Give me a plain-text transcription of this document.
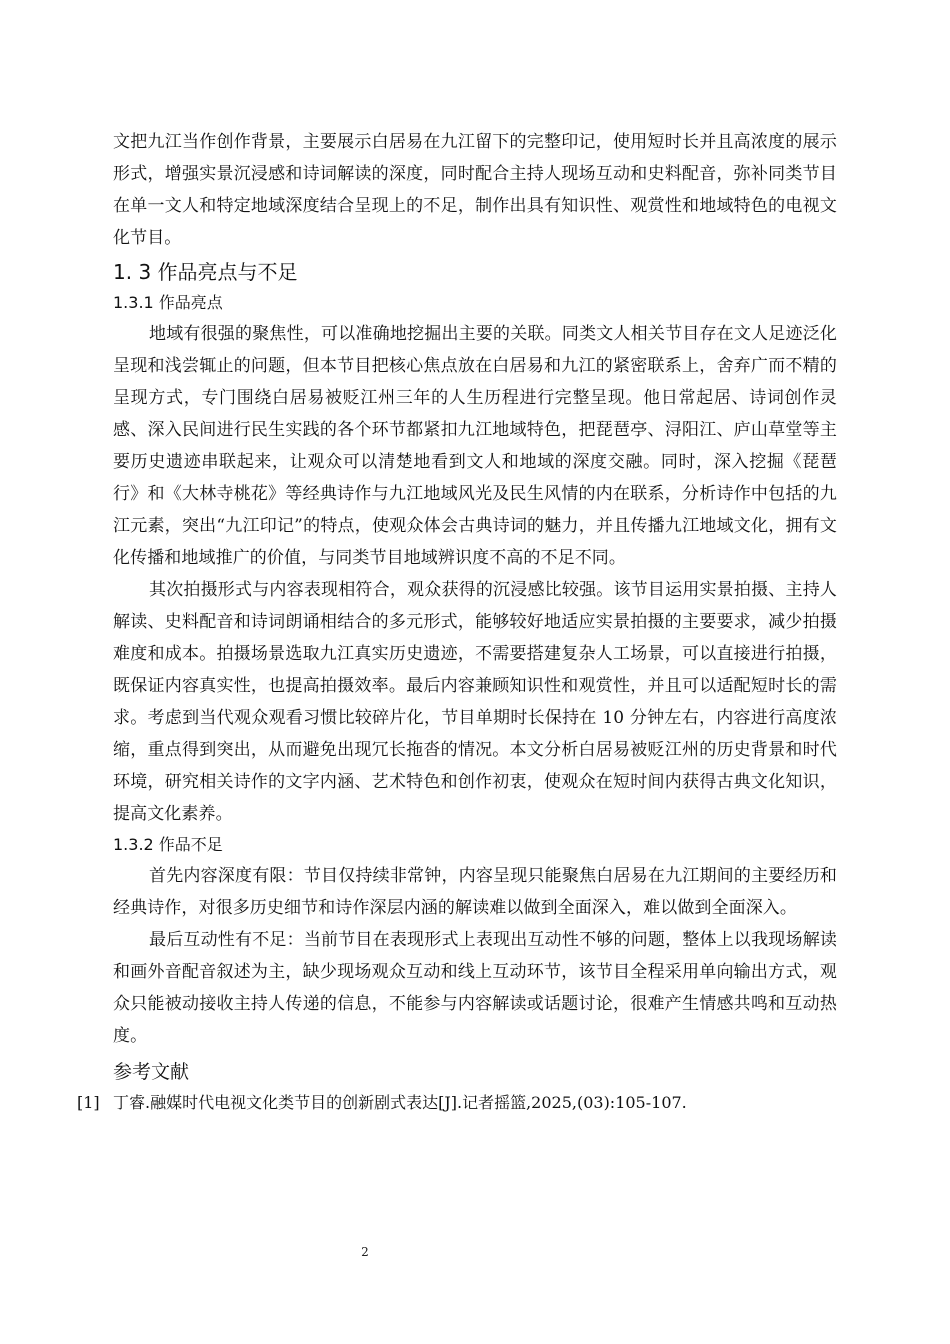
文把九江当作创作背景，主要展示白居易在九江留下的完整印记，使用短时长并且高浓度的展示形式，增强实景沉浸感和诗词解读的深度，同时配合主持人现场互动和史料配音，弥补同类节目在单一文人和特定地域深度结合呈现上的不足，制作出具有知识性、观赏性和地域特色的电视文化节目。

1. 3 作品亮点与不足
1.3.1 作品亮点

地域有很强的聚焦性，可以准确地挖掘出主要的关联。同类文人相关节目存在文人足迹泛化呈现和浅尝辄止的问题，但本节目把核心焦点放在白居易和九江的紧密联系上，舍弃广而不精的呈现方式，专门围绕白居易被贬江州三年的人生历程进行完整呈现。他日常起居、诗词创作灵感、深入民间进行民生实践的各个环节都紧扣九江地域特色，把琵琶亭、浔阳江、庐山草堂等主要历史遗迹串联起来，让观众可以清楚地看到文人和地域的深度交融。同时，深入挖掘《琵琶行》和《大林寺桃花》等经典诗作与九江地域风光及民生风情的内在联系，分析诗作中包括的九江元素，突出“九江印记”的特点，使观众体会古典诗词的魅力，并且传播九江地域文化，拥有文化传播和地域推广的价值，与同类节目地域辨识度不高的不足不同。

其次拍摄形式与内容表现相符合，观众获得的沉浸感比较强。该节目运用实景拍摄、主持人解读、史料配音和诗词朗诵相结合的多元形式，能够较好地适应实景拍摄的主要要求，减少拍摄难度和成本。拍摄场景选取九江真实历史遗迹，不需要搭建复杂人工场景，可以直接进行拍摄，既保证内容真实性，也提高拍摄效率。最后内容兼顾知识性和观赏性，并且可以适配短时长的需求。考虑到当代观众观看习惯比较碎片化，节目单期时长保持在 10 分钟左右，内容进行高度浓缩，重点得到突出，从而避免出现冗长拖沓的情况。本文分析白居易被贬江州的历史背景和时代环境，研究相关诗作的文字内涵、艺术特色和创作初衷，使观众在短时间内获得古典文化知识，提高文化素养。

1.3.2 作品不足

首先内容深度有限：节目仅持续非常钟，内容呈现只能聚焦白居易在九江期间的主要经历和经典诗作，对很多历史细节和诗作深层内涵的解读难以做到全面深入，难以做到全面深入。

最后互动性有不足：当前节目在表现形式上表现出互动性不够的问题，整体上以我现场解读和画外音配音叙述为主，缺少现场观众互动和线上互动环节，该节目全程采用单向输出方式，观众只能被动接收主持人传递的信息，不能参与内容解读或话题讨论，很难产生情感共鸣和互动热度。

参考文献
[1] 丁睿.融媒时代电视文化类节目的创新剧式表达[J].记者摇篮,2025,(03):105-107.
2
